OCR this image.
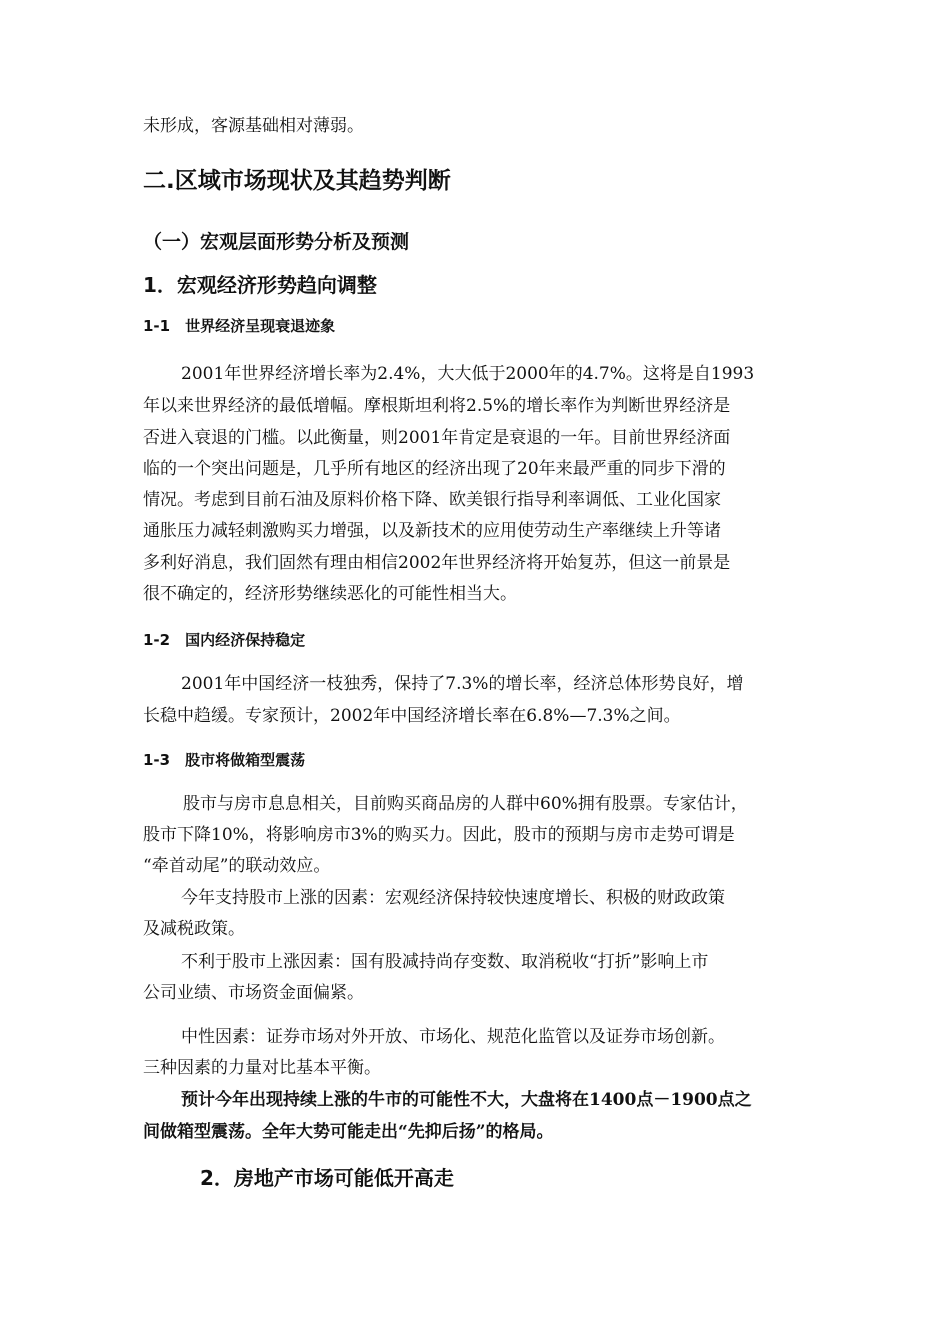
未形成，客源基础相对薄弱。
二.区域市场现状及其趋势判断
（一）宏观层面形势分析及预测
1．宏观经济形势趋向调整
1-1　世界经济呈现衰退迹象
2001年世界经济增长率为2.4%，大大低于2000年的4.7%。这将是自1993
年以来世界经济的最低增幅。摩根斯坦利将2.5%的增长率作为判断世界经济是
否进入衰退的门槛。以此衡量，则2001年肯定是衰退的一年。目前世界经济面
临的一个突出问题是，几乎所有地区的经济出现了20年来最严重的同步下滑的
情况。考虑到目前石油及原料价格下降、欧美银行指导利率调低、工业化国家
通胀压力减轻刺激购买力增强，以及新技术的应用使劳动生产率继续上升等诸
多利好消息，我们固然有理由相信2002年世界经济将开始复苏，但这一前景是
很不确定的，经济形势继续恶化的可能性相当大。
1-2　国内经济保持稳定
2001年中国经济一枝独秀，保持了7.3%的增长率，经济总体形势良好，增
长稳中趋缓。专家预计，2002年中国经济增长率在6.8%—7.3%之间。
1-3　股市将做箱型震荡
股市与房市息息相关，目前购买商品房的人群中60%拥有股票。专家估计，
股市下降10%，将影响房市3%的购买力。因此，股市的预期与房市走势可谓是
“牵首动尾”的联动效应。
今年支持股市上涨的因素：宏观经济保持较快速度增长、积极的财政政策
及减税政策。
不利于股市上涨因素：国有股减持尚存变数、取消税收“打折”影响上市
公司业绩、市场资金面偏紧。
中性因素：证券市场对外开放、市场化、规范化监管以及证券市场创新。
三种因素的力量对比基本平衡。
预计今年出现持续上涨的牛市的可能性不大，大盘将在1400点－1900点之
间做箱型震荡。全年大势可能走出“先抑后扬”的格局。
2．房地产市场可能低开高走
